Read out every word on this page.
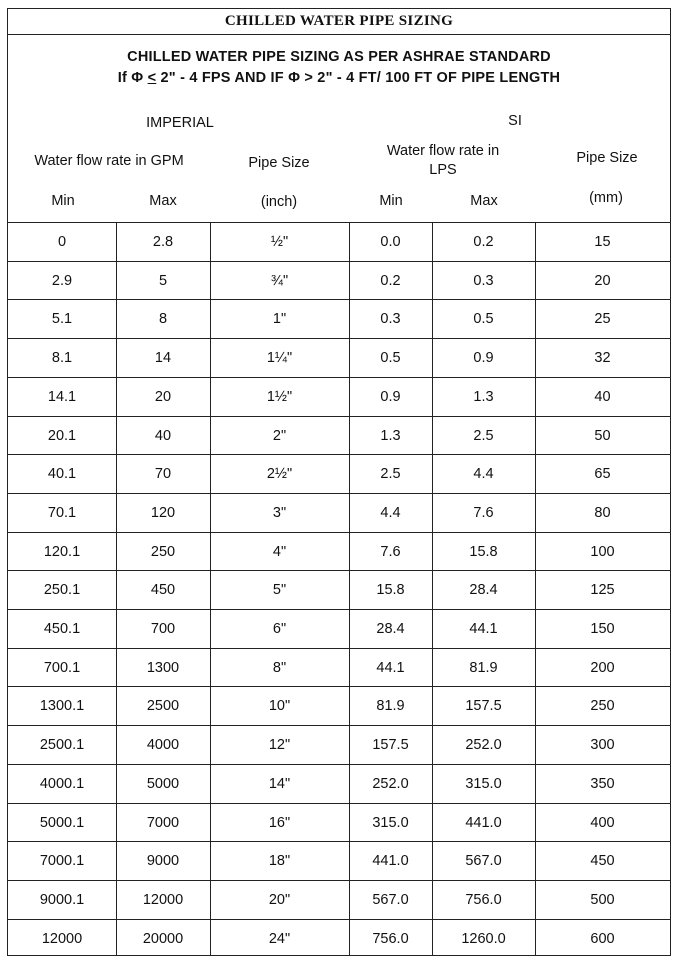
CHILLED WATER PIPE SIZING
CHILLED WATER PIPE SIZING AS PER ASHRAE STANDARD
If Φ ≤ 2" - 4 FPS AND IF Φ > 2" - 4 FT/ 100 FT OF PIPE LENGTH
IMPERIAL	SI
Water flow rate in GPM	Pipe Size
Water flow rate in
LPS
Pipe Size
Min	Max	(inch)	Min	Max	(mm)
0	2.8	½"	0.0	0.2	15
2.9	5	¾"	0.2	0.3	20
5.1	8	1"	0.3	0.5	25
8.1	14	1¼"	0.5	0.9	32
14.1	20	1½"	0.9	1.3	40
20.1	40	2"	1.3	2.5	50
40.1	70	2½"	2.5	4.4	65
70.1	120	3"	4.4	7.6	80
120.1	250	4"	7.6	15.8	100
250.1	450	5"	15.8	28.4	125
450.1	700	6"	28.4	44.1	150
700.1	1300	8"	44.1	81.9	200
1300.1	2500	10"	81.9	157.5	250
2500.1	4000	12"	157.5	252.0	300
4000.1	5000	14"	252.0	315.0	350
5000.1	7000	16"	315.0	441.0	400
7000.1	9000	18"	441.0	567.0	450
9000.1	12000	20"	567.0	756.0	500
12000	20000	24"	756.0	1260.0	600
